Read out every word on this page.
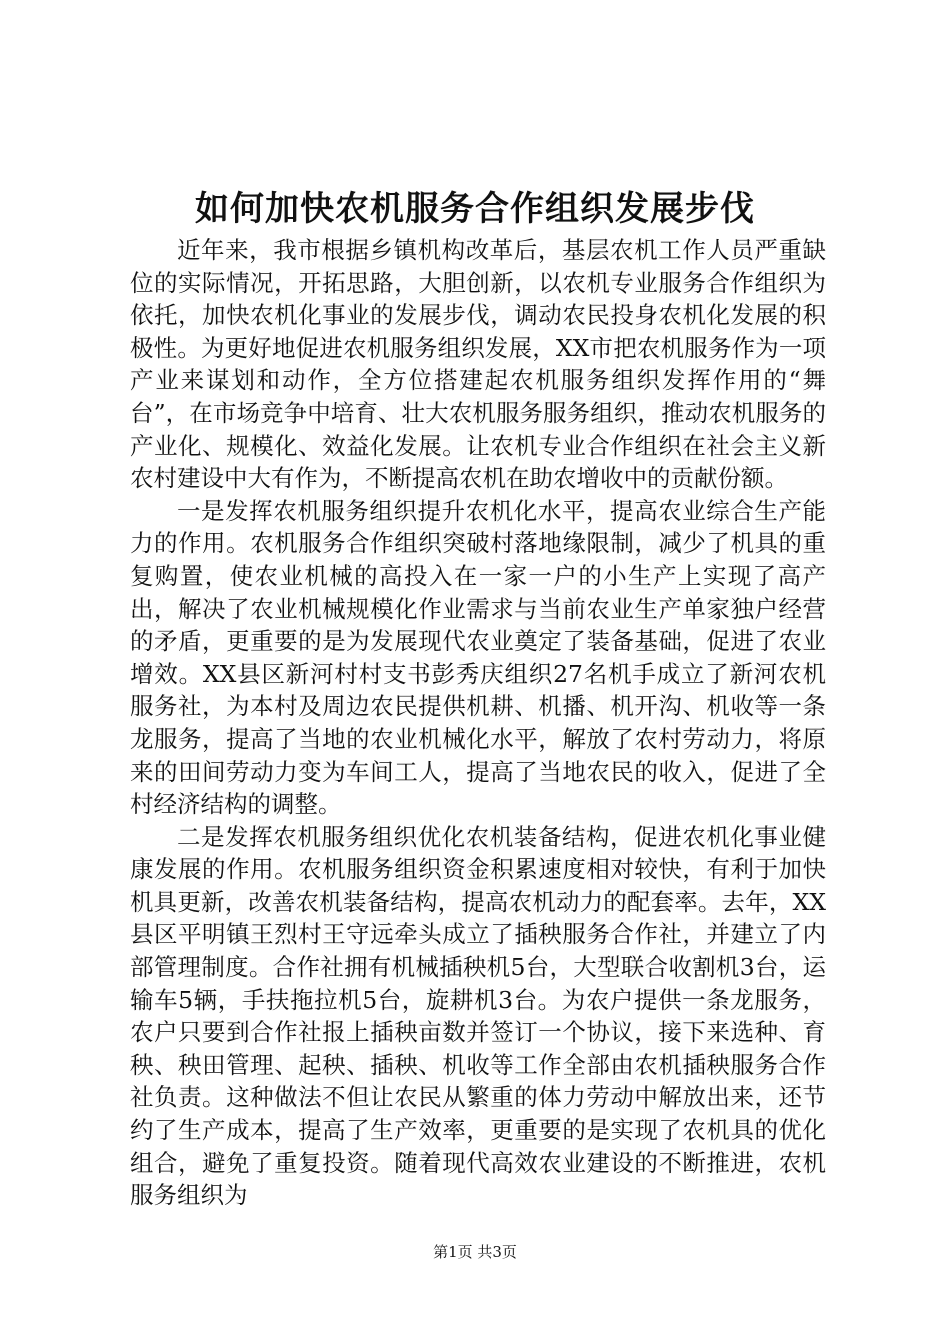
如何加快农机服务合作组织发展步伐

近年来，我市根据乡镇机构改革后，基层农机工作人员严重缺位的实际情况，开拓思路，大胆创新，以农机专业服务合作组织为依托，加快农机化事业的发展步伐，调动农民投身农机化发展的积极性。为更好地促进农机服务组织发展，XX市把农机服务作为一项产业来谋划和动作，全方位搭建起农机服务组织发挥作用的“舞台”，在市场竞争中培育、壮大农机服务服务组织，推动农机服务的产业化、规模化、效益化发展。让农机专业合作组织在社会主义新农村建设中大有作为，不断提高农机在助农增收中的贡献份额。

一是发挥农机服务组织提升农机化水平，提高农业综合生产能力的作用。农机服务合作组织突破村落地缘限制，减少了机具的重复购置，使农业机械的高投入在一家一户的小生产上实现了高产出，解决了农业机械规模化作业需求与当前农业生产单家独户经营的矛盾，更重要的是为发展现代农业奠定了装备基础，促进了农业增效。XX县区新河村村支书彭秀庆组织27名机手成立了新河农机服务社，为本村及周边农民提供机耕、机播、机开沟、机收等一条龙服务，提高了当地的农业机械化水平，解放了农村劳动力，将原来的田间劳动力变为车间工人，提高了当地农民的收入，促进了全村经济结构的调整。

二是发挥农机服务组织优化农机装备结构，促进农机化事业健康发展的作用。农机服务组织资金积累速度相对较快，有利于加快机具更新，改善农机装备结构，提高农机动力的配套率。去年，XX县区平明镇王烈村王守远牵头成立了插秧服务合作社，并建立了内部管理制度。合作社拥有机械插秧机5台，大型联合收割机3台，运输车5辆，手扶拖拉机5台，旋耕机3台。为农户提供一条龙服务，农户只要到合作社报上插秧亩数并签订一个协议，接下来选种、育秧、秧田管理、起秧、插秧、机收等工作全部由农机插秧服务合作社负责。这种做法不但让农民从繁重的体力劳动中解放出来，还节约了生产成本，提高了生产效率，更重要的是实现了农机具的优化组合，避免了重复投资。随着现代高效农业建设的不断推进，农机服务组织为

第1页 共3页
